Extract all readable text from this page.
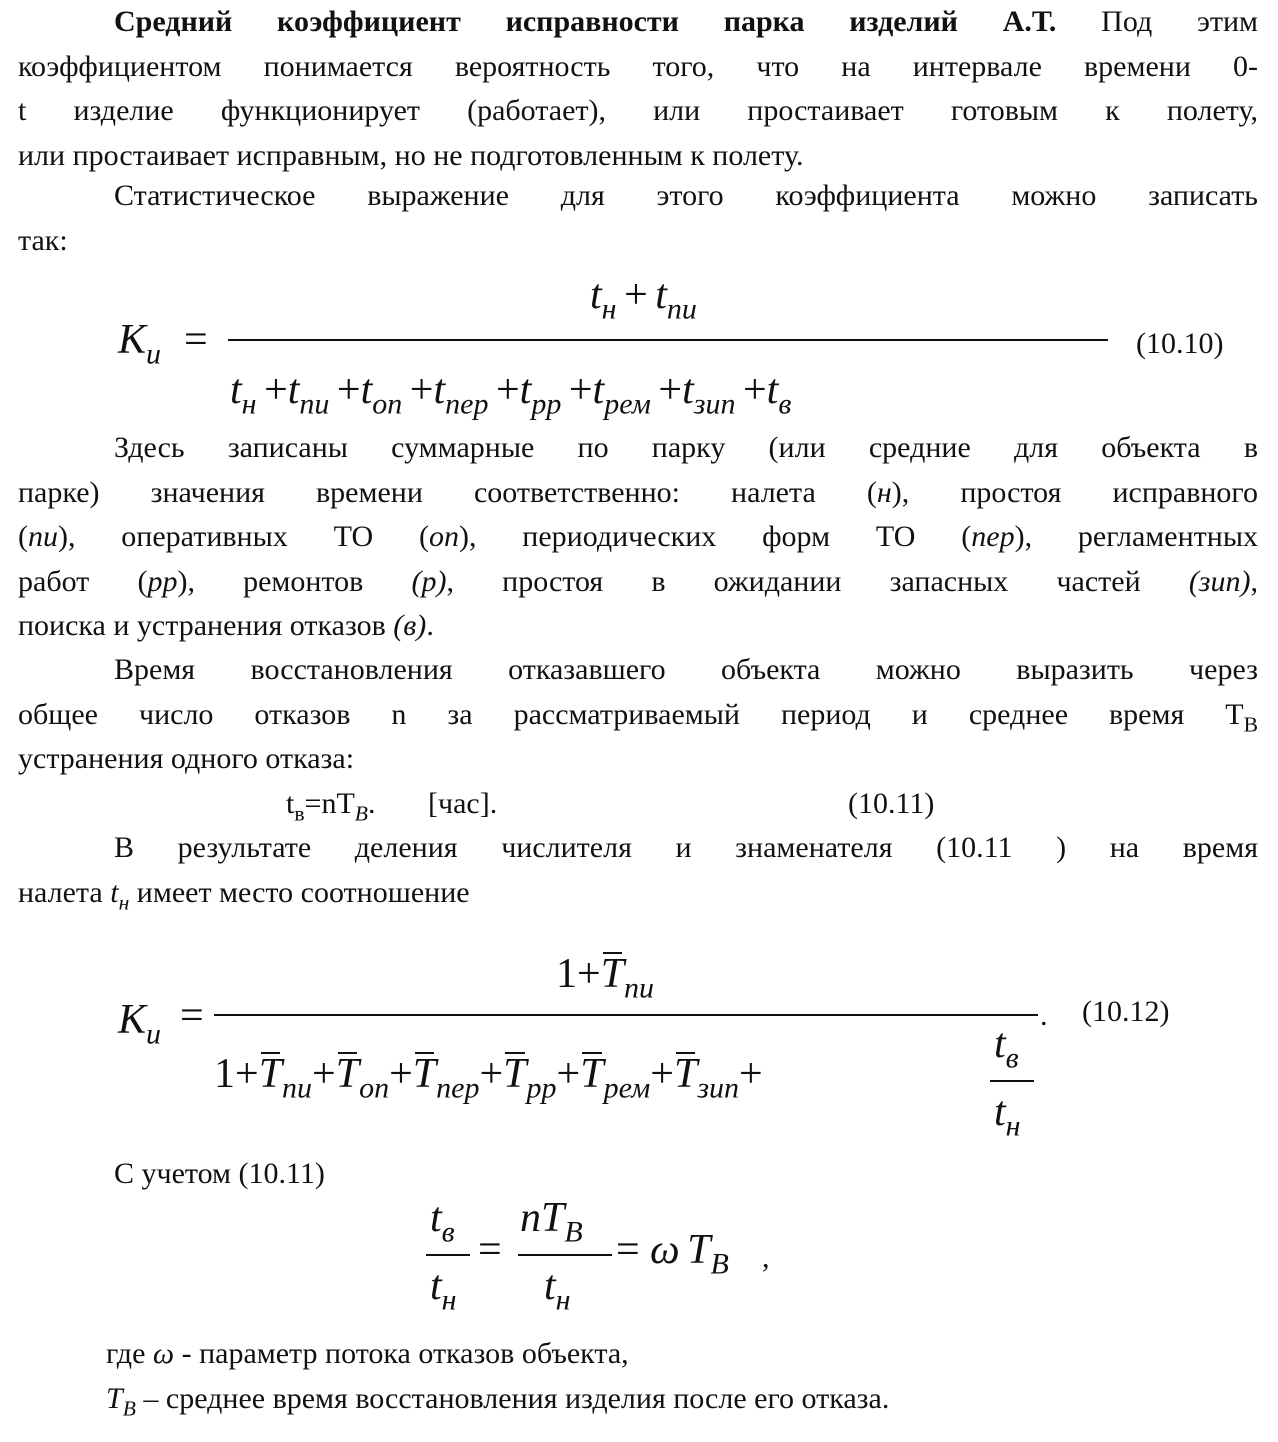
Средний коэффициент исправности парка изделий А.Т. Под этим
коэффициентом понимается вероятность того, что на интервале времени 0-
t изделие функционирует (работает), или простаивает готовым к полету,
или простаивает исправным, но не подготовленным к полету.
Статистическое выражение для этого коэффициента можно записать
так:
$K_и$ =
$t_н + t_{пи}$
$t_н +t_{пи} +t_{оп} +t_{пер} +t_{рр} +t_{рем} +t_{зип} +t_в$
(10.10)
Здесь записаны суммарные по парку (или средние для объекта в
парке) значения времени соответственно: налета (н), простоя исправного
(пи), оперативных ТО (оп), периодических форм ТО (пер), регламентных
работ (рр), ремонтов (р), простоя в ожидании запасных частей (зип),
поиска и устранения отказов (в).
Время восстановления отказавшего объекта можно выразить через
общее число отказов n за рассматриваемый период и среднее время $Т_В$
устранения одного отказа:
$t_в=nT_B$. [час].	(10.11)
В результате деления числителя и знаменателя (10.11 ) на время
налета $t_н$ имеет место соотношение
$K_и$ =
$1+T_{пи}$
.
$1+T_{пи}+T_{оп}+T_{пер}+T_{рр}+T_{рем}+T_{зип}+$
$t_в$
$t_н$
(10.12)
С учетом (10.11)
$t_в$
$t_н$
=
$nT_B$
$t_н$
= ω $T_B$ ,
где ω - параметр потока отказов объекта,
$T_B$ – среднее время восстановления изделия после его отказа.
